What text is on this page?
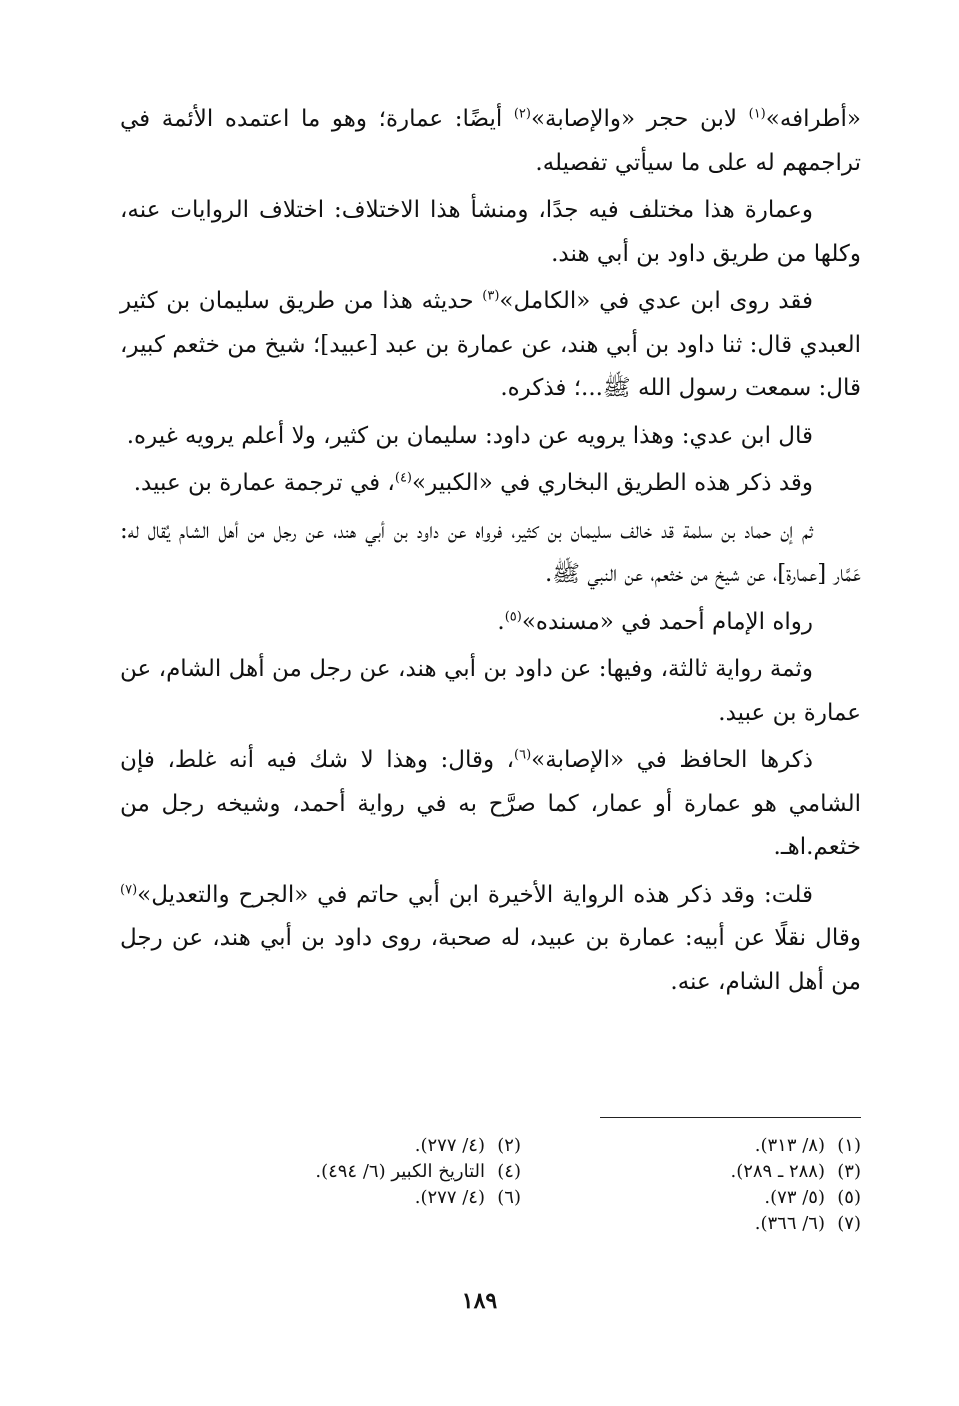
«أطرافه»$^{(١)}$ لابن حجر «والإصابة»$^{(٢)}$ أيضًا: عمارة؛ وهو ما اعتمده الأئمة في تراجمهم له على ما سيأتي تفصيله.

وعمارة هذا مختلف فيه جدًا، ومنشأ هذا الاختلاف: اختلاف الروايات عنه، وكلها من طريق داود بن أبي هند.

فقد روى ابن عدي في «الكامل»$^{(٣)}$ حديثه هذا من طريق سليمان بن كثير العبدي قال: ثنا داود بن أبي هند، عن عمارة بن عبد [عبيد]؛ شيخ من خثعم كبير، قال: سمعت رسول الله ﷺ...؛ فذكره.

قال ابن عدي: وهذا يرويه عن داود: سليمان بن كثير، ولا أعلم يرويه غيره.

وقد ذكر هذه الطريق البخاري في «الكبير»$^{(٤)}$، في ترجمة عمارة بن عبيد.

ثم إن حماد بن سلمة قد خالف سليمان بن كثير، فرواه عن داود بن أبي هند، عن رجل من أهل الشام يُقال له: عَمَّار [عمارة]، عن شيخ من خثعم، عن النبي ﷺ.

رواه الإمام أحمد في «مسنده»$^{(٥)}$.

وثمة رواية ثالثة، وفيها: عن داود بن أبي هند، عن رجل من أهل الشام، عن عمارة بن عبيد.

ذكرها الحافظ في «الإصابة»$^{(٦)}$، وقال: وهذا لا شك فيه أنه غلط، فإن الشامي هو عمارة أو عمار، كما صرَّح به في رواية أحمد، وشيخه رجل من خثعم.اهـ.

قلت: وقد ذكر هذه الرواية الأخيرة ابن أبي حاتم في «الجرح والتعديل»$^{(٧)}$ وقال نقلًا عن أبيه: عمارة بن عبيد، له صحبة، روى داود بن أبي هند، عن رجل من أهل الشام، عنه.

(١)(٨/ ٣١٣).
(٢)(٤/ ٢٧٧).
(٣)(٢٨٨ ـ ٢٨٩).
(٤)التاريخ الكبير (٦/ ٤٩٤).
(٥)(٥/ ٧٣).
(٦)(٤/ ٢٧٧).
(٧)(٦/ ٣٦٦).
١٨٩
